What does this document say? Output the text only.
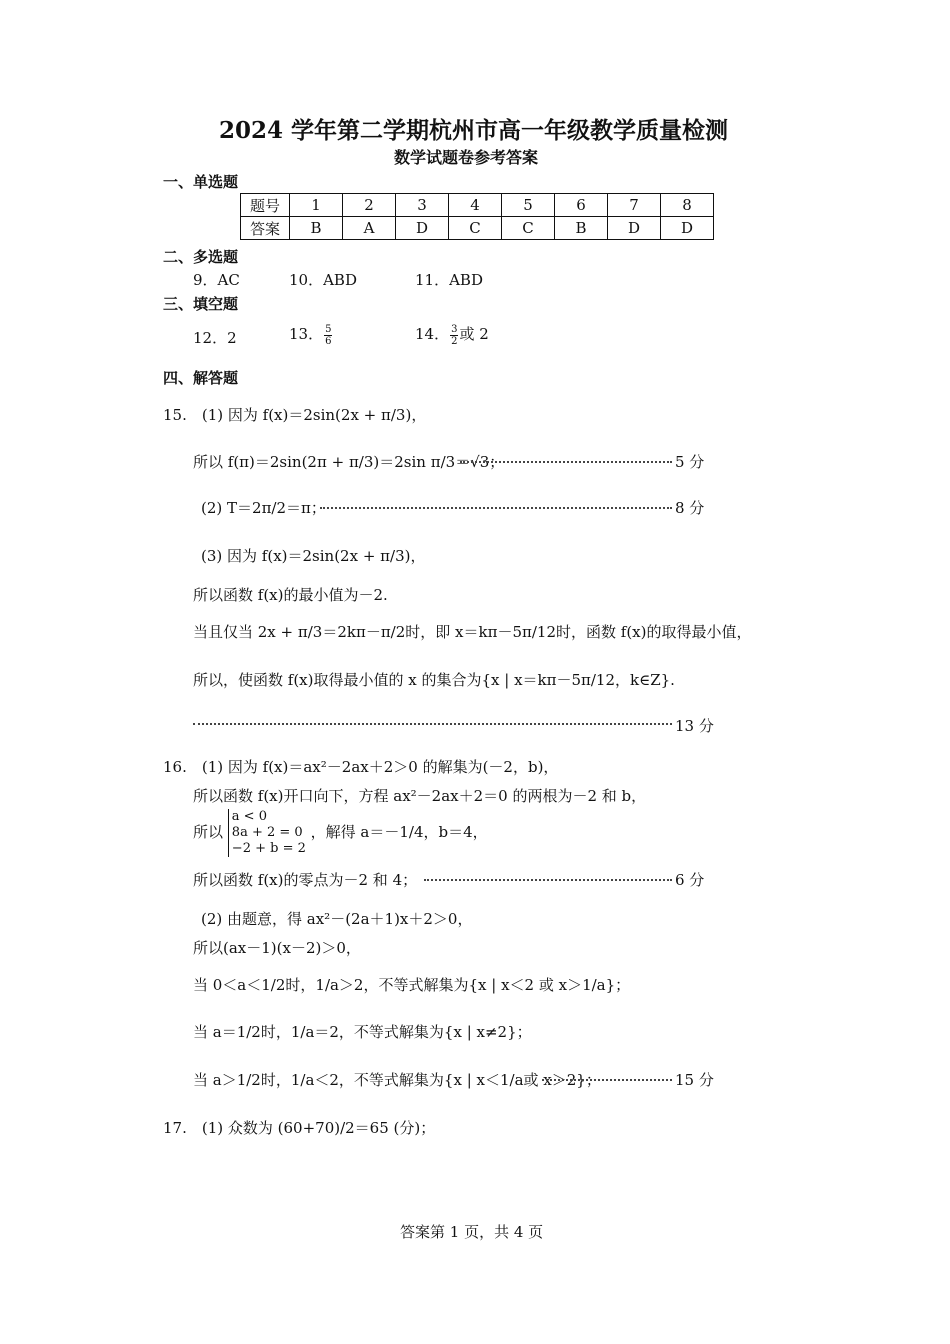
2024 学年第二学期杭州市高一年级教学质量检测
数学试题卷参考答案
一、单选题
题号	1	2	3	4	5	6	7	8
答案	B	A	D	C	C	B	D	D
二、多选题
9．AC	10．ABD	11．ABD
三、填空题
12．2	13． $\frac{5}{6}$	14． $\frac{3}{2}$ 或 2
四、解答题
15.　(1) 因为 f(x)＝2sin(2x + π/3)，
所以 f(π)＝2sin(2π + π/3)＝2sin π/3＝√3；	5 分
(2) T＝2π/2＝π；	8 分
(3) 因为 f(x)＝2sin(2x + π/3)，
所以函数 f(x)的最小值为－2.
当且仅当 2x + π/3＝2kπ－π/2时，即 x＝kπ－5π/12时，函数 f(x)的取得最小值，
所以，使函数 f(x)取得最小值的 x 的集合为{x | x＝kπ－5π/12，k∈Z}.
13 分
16.　(1) 因为 f(x)＝ax²－2ax＋2＞0 的解集为(－2，b)，
所以函数 f(x)开口向下，方程 ax²－2ax＋2＝0 的两根为－2 和 b，
所以
a < 0
8a + 2 = 0
−2 + b = 2
，解得 a＝－1/4，b＝4，
所以函数 f(x)的零点为－2 和 4；	6 分
(2) 由题意，得 ax²－(2a＋1)x＋2＞0，
所以(ax－1)(x－2)＞0，
当 0＜a＜1/2时，1/a＞2，不等式解集为{x | x＜2 或 x＞1/a}；
当 a＝1/2时，1/a＝2，不等式解集为{x | x≠2}；
当 a＞1/2时，1/a＜2，不等式解集为{x | x＜1/a或 x＞2}；	15 分
17.　(1) 众数为 (60+70)/2＝65 (分)；
答案第 1 页，共 4 页
